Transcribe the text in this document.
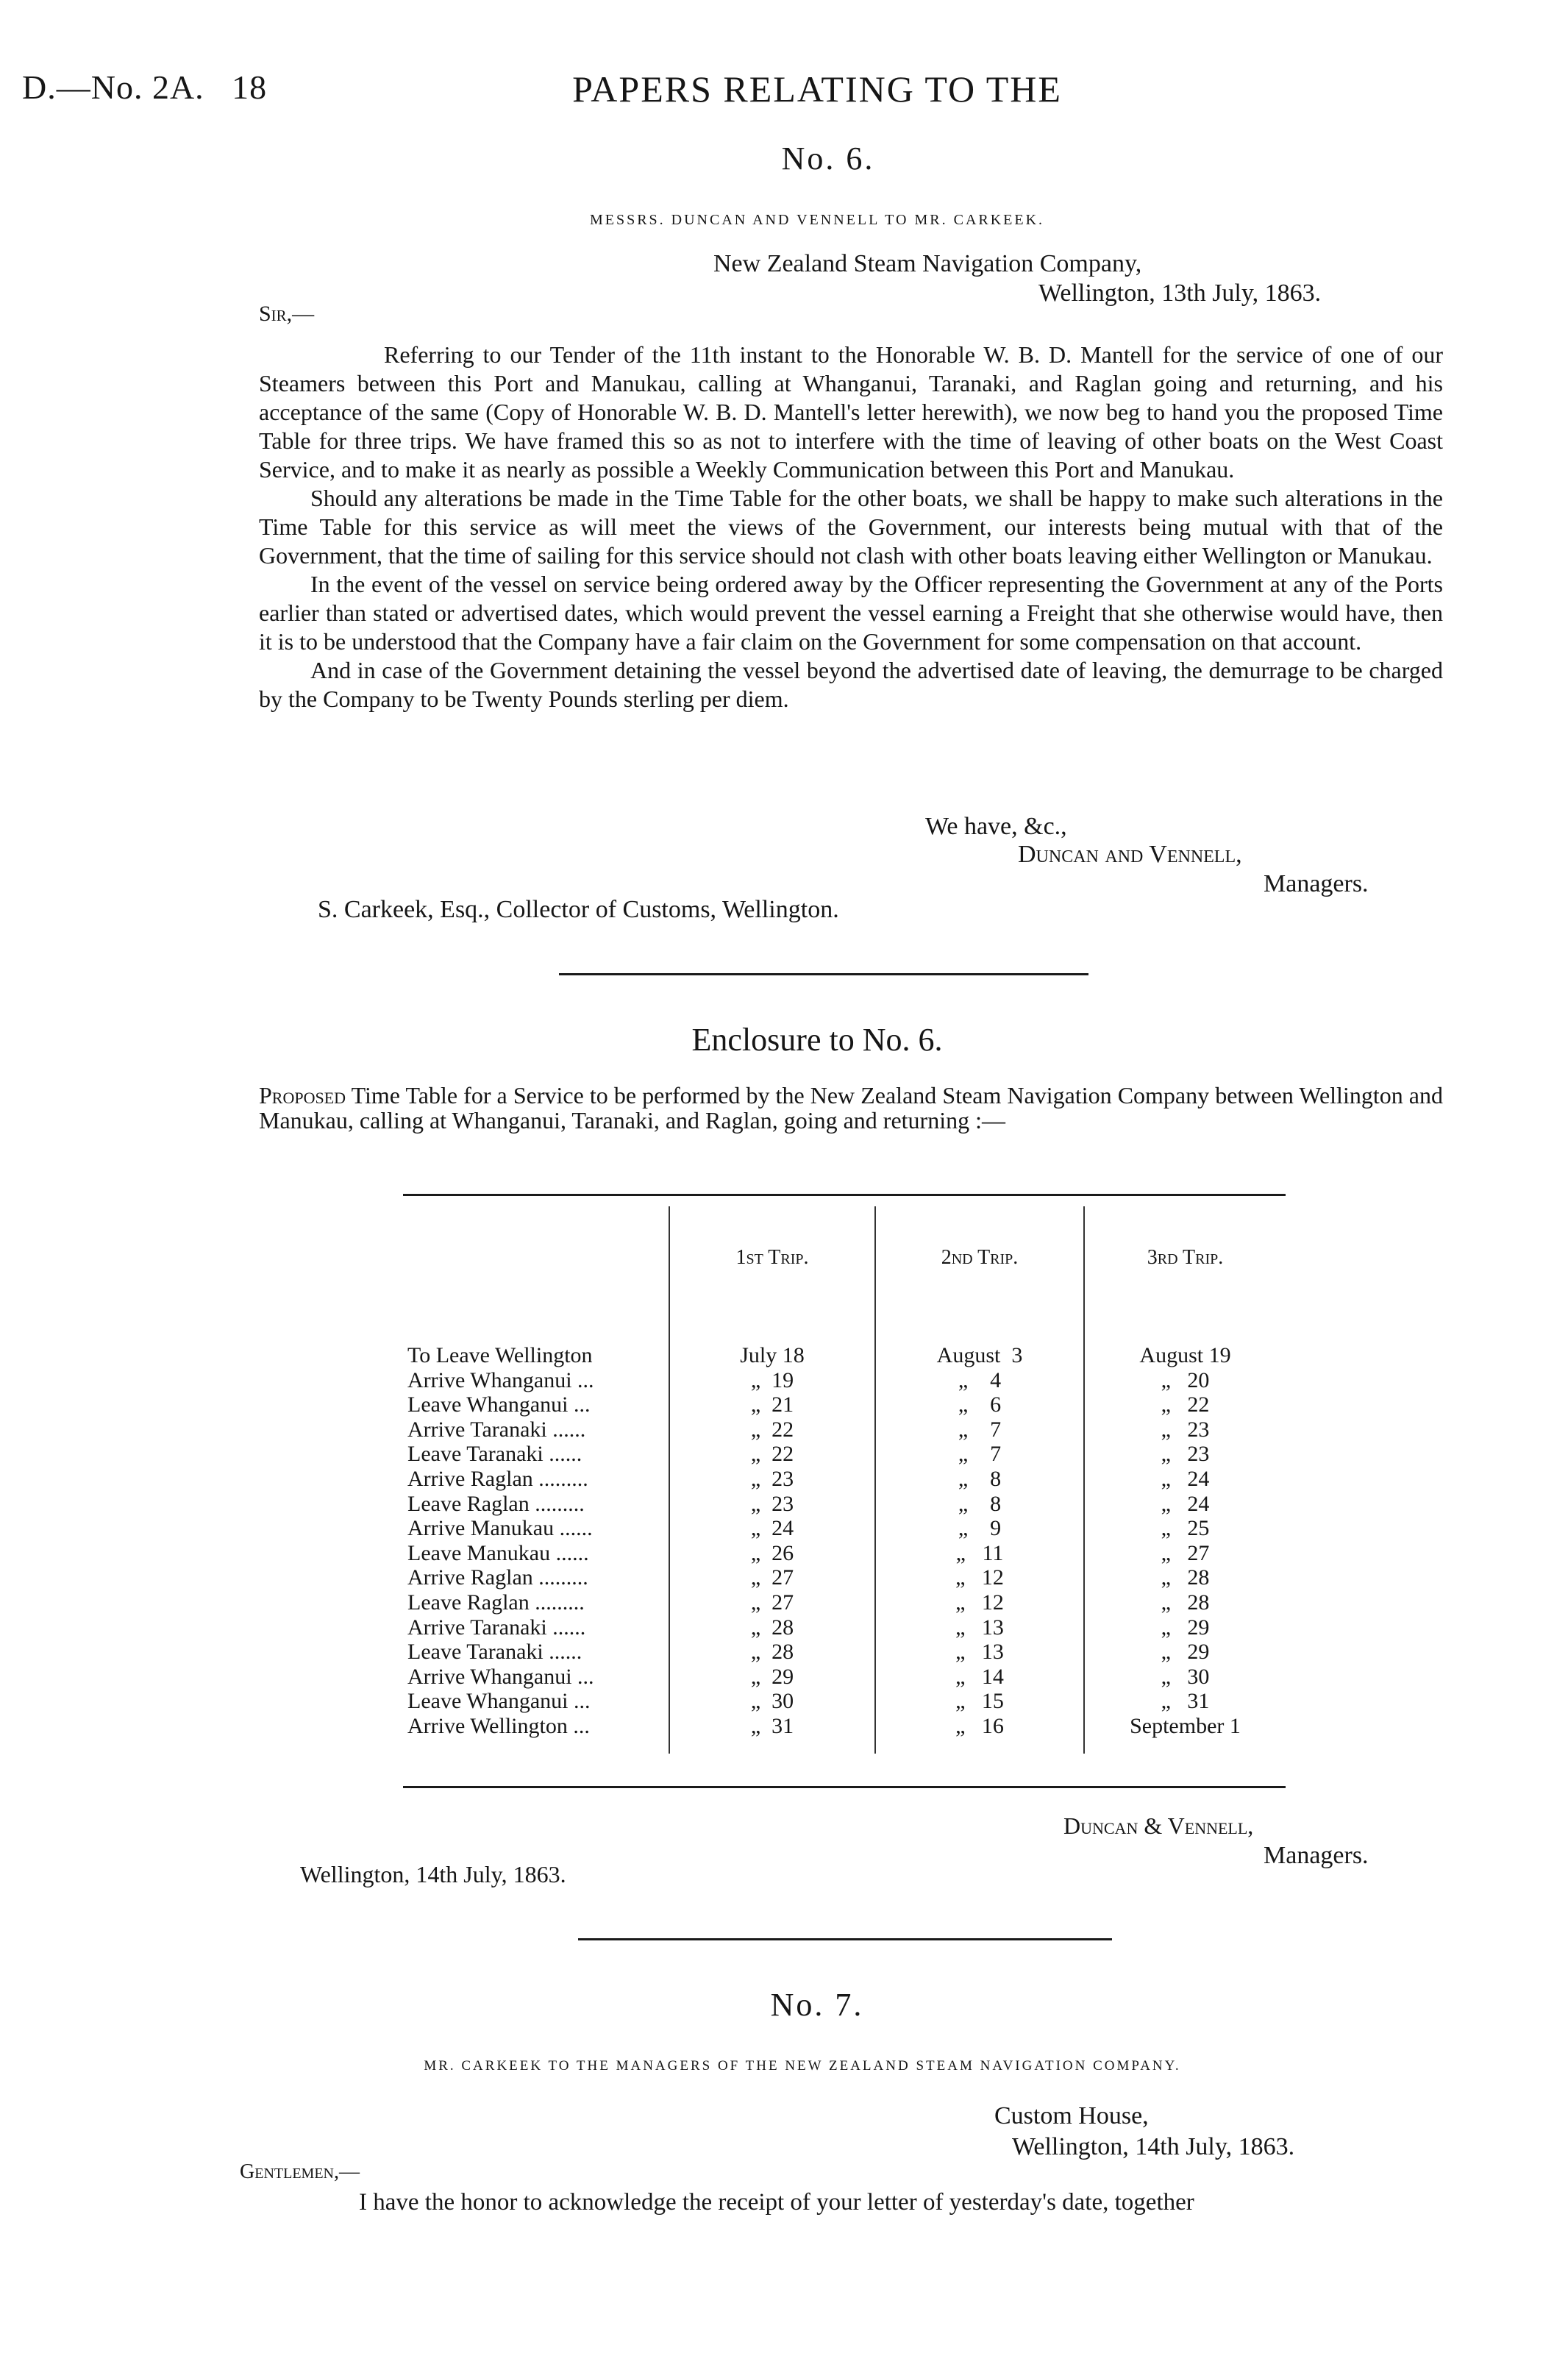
D.—No. 2A. 18	PAPERS RELATING TO THE
No. 6.
MESSRS. DUNCAN AND VENNELL TO MR. CARKEEK.
New Zealand Steam Navigation Company,
Wellington, 13th July, 1863.
Sir,—

Referring to our Tender of the 11th instant to the Honorable W. B. D. Mantell for the service of one of our Steamers between this Port and Manukau, calling at Whanganui, Taranaki, and Raglan going and returning, and his acceptance of the same (Copy of Honorable W. B. D. Mantell's letter herewith), we now beg to hand you the proposed Time Table for three trips. We have framed this so as not to interfere with the time of leaving of other boats on the West Coast Service, and to make it as nearly as possible a Weekly Communication between this Port and Manukau.

Should any alterations be made in the Time Table for the other boats, we shall be happy to make such alterations in the Time Table for this service as will meet the views of the Government, our interests being mutual with that of the Government, that the time of sailing for this service should not clash with other boats leaving either Wellington or Manukau.

In the event of the vessel on service being ordered away by the Officer representing the Government at any of the Ports earlier than stated or advertised dates, which would prevent the vessel earning a Freight that she otherwise would have, then it is to be understood that the Company have a fair claim on the Government for some compensation on that account.

And in case of the Government detaining the vessel beyond the advertised date of leaving, the demurrage to be charged by the Company to be Twenty Pounds sterling per diem.

We have, &c.,
Duncan and Vennell,
Managers.
S. Carkeek, Esq., Collector of Customs, Wellington.
Enclosure to No. 6.
Proposed Time Table for a Service to be performed by the New Zealand Steam Navigation Company between Wellington and Manukau, calling at Whanganui, Taranaki, and Raglan, going and returning :—
	1st Trip.	2nd Trip.	3rd Trip.

To Leave Wellington	July 18	August  3	August 19
Arrive Whanganui ...	„  19	„    4	„   20
Leave Whanganui ...	„  21	„    6	„   22
Arrive Taranaki ......	„  22	„    7	„   23
Leave Taranaki ......	„  22	„    7	„   23
Arrive Raglan .........	„  23	„    8	„   24
Leave Raglan .........	„  23	„    8	„   24
Arrive Manukau ......	„  24	„    9	„   25
Leave Manukau ......	„  26	„   11	„   27
Arrive Raglan .........	„  27	„   12	„   28
Leave Raglan .........	„  27	„   12	„   28
Arrive Taranaki ......	„  28	„   13	„   29
Leave Taranaki ......	„  28	„   13	„   29
Arrive Whanganui ...	„  29	„   14	„   30
Leave Whanganui ...	„  30	„   15	„   31
Arrive Wellington ...	„  31	„   16	September 1

Duncan & Vennell,
Managers.
Wellington, 14th July, 1863.
No. 7.
MR. CARKEEK TO THE MANAGERS OF THE NEW ZEALAND STEAM NAVIGATION COMPANY.
Custom House,
Wellington, 14th July, 1863.
Gentlemen,—
I have the honor to acknowledge the receipt of your letter of yesterday's date, together
